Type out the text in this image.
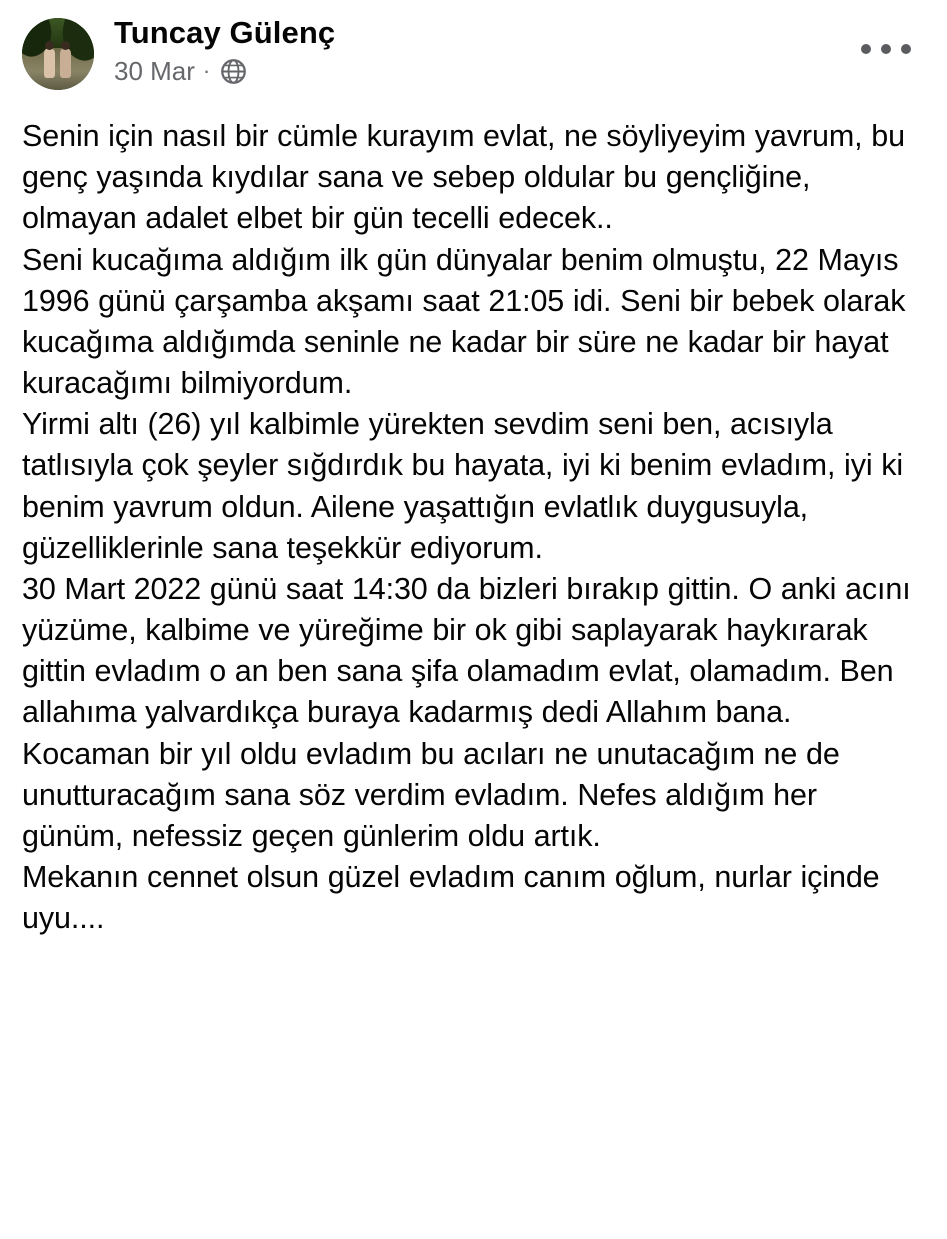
Tuncay Gülenç
30 Mar ·

Senin için nasıl bir cümle kurayım evlat, ne söyliyeyim yavrum, bu genç yaşında kıydılar sana ve sebep oldular bu gençliğine, olmayan adalet elbet bir gün tecelli edecek..

Seni kucağıma aldığım ilk gün dünyalar benim olmuştu, 22 Mayıs 1996 günü çarşamba akşamı saat 21:05 idi. Seni bir bebek olarak kucağıma aldığımda seninle ne kadar bir süre ne kadar bir hayat kuracağımı bilmiyordum.

Yirmi altı (26) yıl kalbimle yürekten sevdim seni ben, acısıyla tatlısıyla çok şeyler sığdırdık bu hayata, iyi ki benim evladım, iyi ki benim yavrum oldun. Ailene yaşattığın evlatlık duygusuyla, güzelliklerinle sana teşekkür ediyorum.

30 Mart 2022 günü saat 14:30 da bizleri bırakıp gittin. O anki acını yüzüme, kalbime ve yüreğime bir ok gibi saplayarak haykırarak gittin evladım o an ben sana şifa olamadım evlat, olamadım. Ben allahıma yalvardıkça buraya kadarmış dedi Allahım bana.

Kocaman bir yıl oldu evladım bu acıları ne unutacağım ne de unutturacağım sana söz verdim evladım. Nefes aldığım her günüm, nefessiz geçen günlerim oldu artık.

Mekanın cennet olsun güzel evladım canım oğlum, nurlar içinde uyu....
